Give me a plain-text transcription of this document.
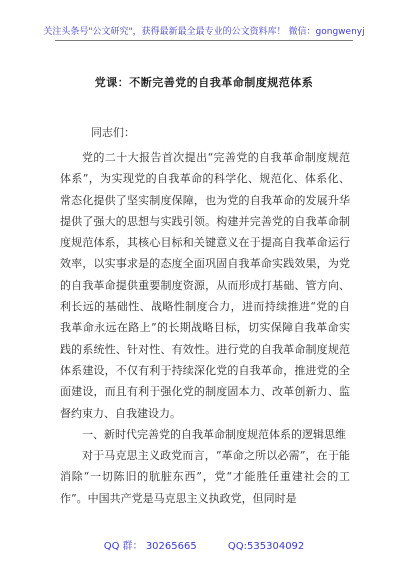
关注头条号"公文研究"，获得最新最全最专业的公文资料库！ 微信：gongwenyj
党课：不断完善党的自我革命制度规范体系
同志们：

党的二十大报告首次提出“完善党的自我革命制度规范体系”，为实现党的自我革命的科学化、规范化、体系化、常态化提供了坚实制度保障，也为党的自我革命的发展升华提供了强大的思想与实践引领。构建并完善党的自我革命制度规范体系，其核心目标和关键意义在于提高自我革命运行效率，以实事求是的态度全面巩固自我革命实践效果，为党的自我革命提供重要制度资源，从而形成打基础、管方向、利长远的基础性、战略性制度合力，进而持续推进“党的自我革命永远在路上”的长期战略目标，切实保障自我革命实践的系统性、针对性、有效性。进行党的自我革命制度规范体系建设，不仅有利于持续深化党的自我革命，推进党的全面建设，而且有利于强化党的制度固本力、改革创新力、监督约束力、自我建设力。

一、新时代完善党的自我革命制度规范体系的逻辑思维

对于马克思主义政党而言，“革命之所以必需”，在于能消除“一切陈旧的肮脏东西”，党“才能胜任重建社会的工作”。中国共产党是马克思主义执政党，但同时是

QQ 群： 30265665	QQ:535304092
